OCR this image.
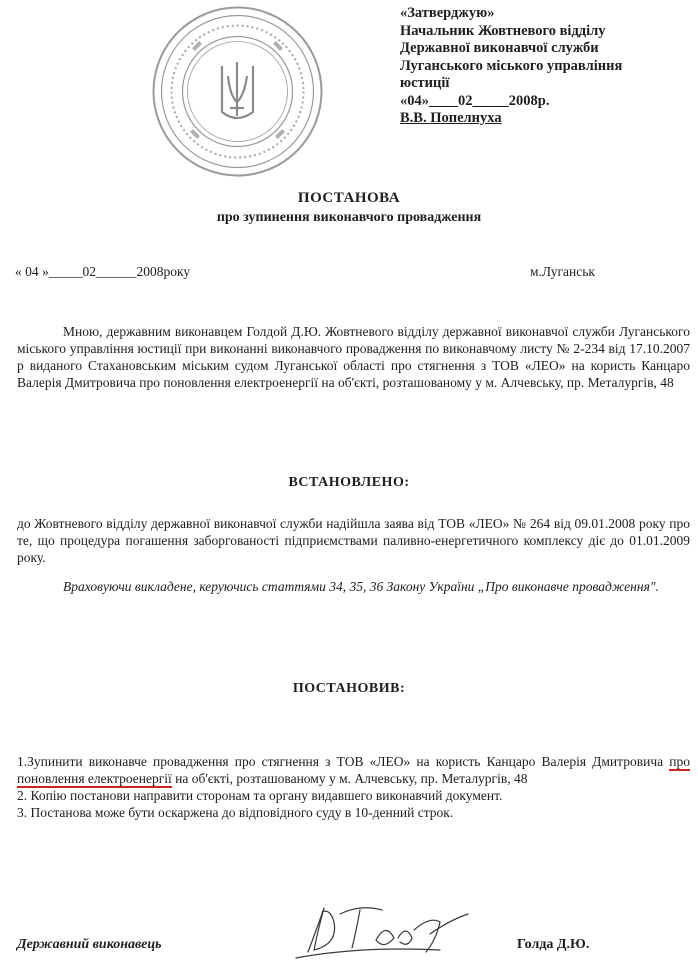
«Затверджую»
Начальник Жовтневого відділу
Державної виконавчої служби
Луганського міського управління
юстиції
«04»____02_____2008р.
В.В. Попелнуха
ПОСТАНОВА
про зупинення виконавчого провадження
« 04 »_____02______2008року	м.Луганськ
Мною, державним виконавцем Голдой Д.Ю. Жовтневого відділу державної виконавчої служби Луганського міського управління юстиції при виконанні виконавчого провадження по виконавчому листу № 2-234 від 17.10.2007 р виданого Стахановським міським судом Луганської області про стягнення з ТОВ «ЛЕО» на користь Канцаро Валерія Дмитровича про поновлення електроенергії на об'єкті, розташованому у м. Алчевську, пр. Металургів, 48
ВСТАНОВЛЕНО:
до Жовтневого відділу державної виконавчої служби надійшла заява від ТОВ «ЛЕО» № 264 від 09.01.2008 року про те, що процедура погашення заборгованості підприємствами паливно-енергетичного комплексу діє до 01.01.2009 року.
Враховуючи викладене, керуючись статтями 34, 35, 36 Закону України „Про виконавче провадження".
ПОСТАНОВИВ:
1.Зупинити виконавче провадження про стягнення з ТОВ «ЛЕО» на користь Канцаро Валерія Дмитровича про поновлення електроенергії на об'єкті, розташованому у м. Алчевську, пр. Металургів, 48
2. Копію постанови направити сторонам та органу видавшего виконавчий документ.
3. Постанова може бути оскаржена до відповідного суду в 10-денний строк.
Державний виконавець	Голда Д.Ю.
